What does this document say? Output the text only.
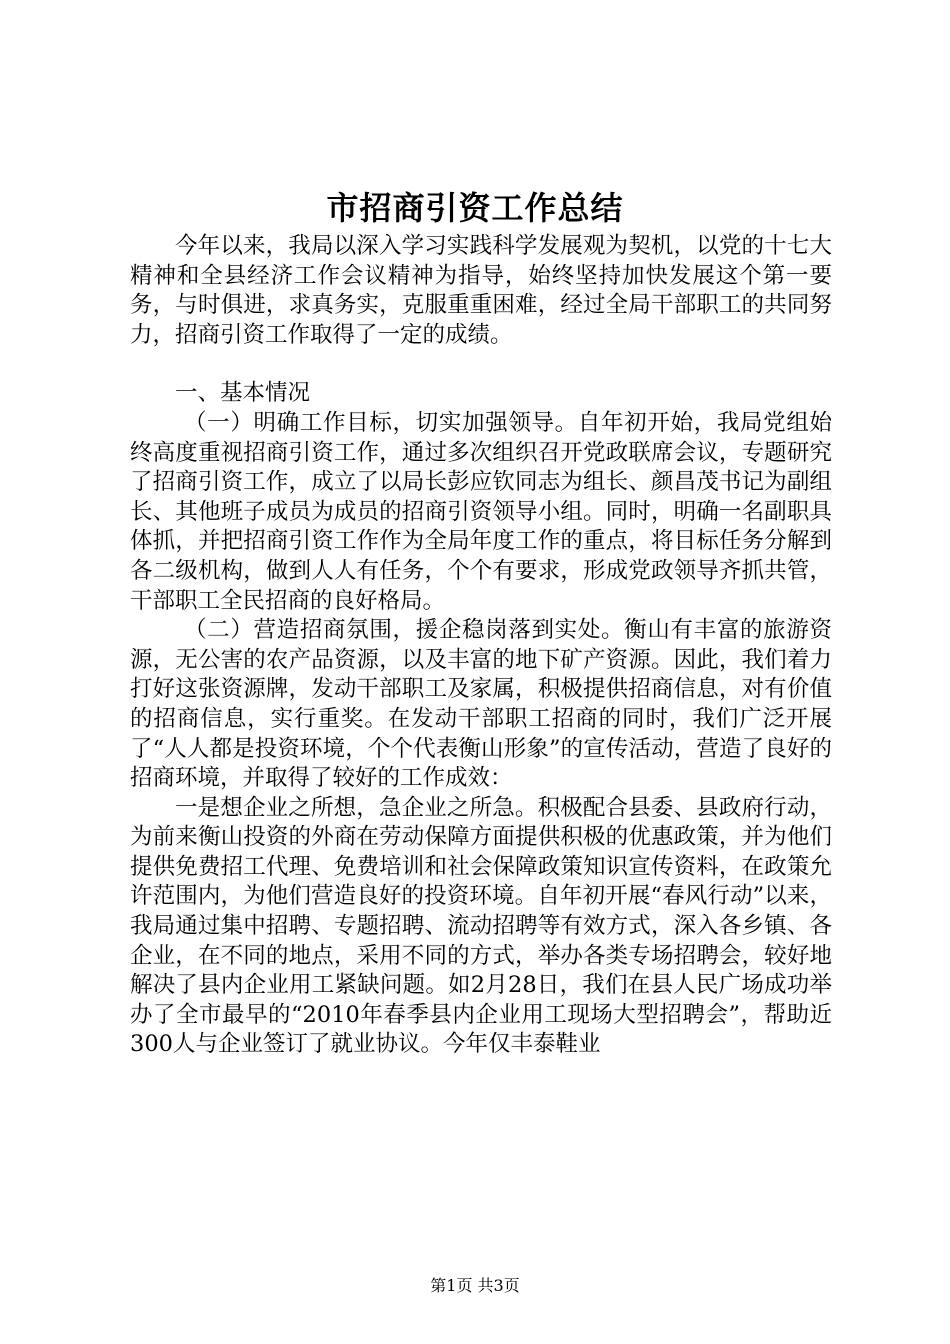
市招商引资工作总结

今年以来，我局以深入学习实践科学发展观为契机，以党的十七大精神和全县经济工作会议精神为指导，始终坚持加快发展这个第一要务，与时俱进，求真务实，克服重重困难，经过全局干部职工的共同努力，招商引资工作取得了一定的成绩。

一、基本情况

（一）明确工作目标，切实加强领导。自年初开始，我局党组始终高度重视招商引资工作，通过多次组织召开党政联席会议，专题研究了招商引资工作，成立了以局长彭应钦同志为组长、颜昌茂书记为副组长、其他班子成员为成员的招商引资领导小组。同时，明确一名副职具体抓，并把招商引资工作作为全局年度工作的重点，将目标任务分解到各二级机构，做到人人有任务，个个有要求，形成党政领导齐抓共管，干部职工全民招商的良好格局。

（二）营造招商氛围，援企稳岗落到实处。衡山有丰富的旅游资源，无公害的农产品资源，以及丰富的地下矿产资源。因此，我们着力打好这张资源牌，发动干部职工及家属，积极提供招商信息，对有价值的招商信息，实行重奖。在发动干部职工招商的同时，我们广泛开展了“人人都是投资环境，个个代表衡山形象”的宣传活动，营造了良好的招商环境，并取得了较好的工作成效：

一是想企业之所想，急企业之所急。积极配合县委、县政府行动，为前来衡山投资的外商在劳动保障方面提供积极的优惠政策，并为他们提供免费招工代理、免费培训和社会保障政策知识宣传资料，在政策允许范围内，为他们营造良好的投资环境。自年初开展“春风行动”以来，我局通过集中招聘、专题招聘、流动招聘等有效方式，深入各乡镇、各企业，在不同的地点，采用不同的方式，举办各类专场招聘会，较好地解决了县内企业用工紧缺问题。如2月28日，我们在县人民广场成功举办了全市最早的“2010年春季县内企业用工现场大型招聘会”，帮助近300人与企业签订了就业协议。今年仅丰泰鞋业

第1页 共3页
